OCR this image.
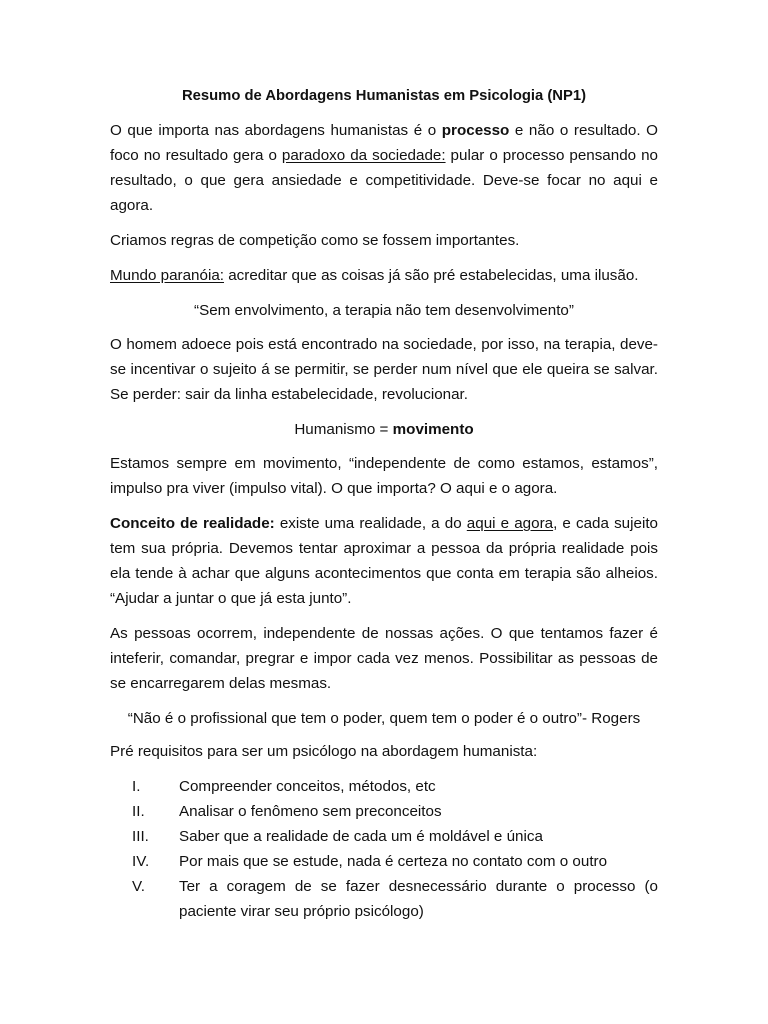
Resumo de Abordagens Humanistas em Psicologia (NP1)

O que importa nas abordagens humanistas é o processo e não o resultado. O foco no resultado gera o paradoxo da sociedade: pular o processo pensando no resultado, o que gera ansiedade e competitividade. Deve-se focar no aqui e agora.

Criamos regras de competição como se fossem importantes.

Mundo paranóia: acreditar que as coisas já são pré estabelecidas, uma ilusão.

“Sem envolvimento, a terapia não tem desenvolvimento”

O homem adoece pois está encontrado na sociedade, por isso, na terapia, deve-se incentivar o sujeito á se permitir, se perder num nível que ele queira se salvar. Se perder: sair da linha estabelecidade, revolucionar.

Humanismo = movimento

Estamos sempre em movimento, “independente de como estamos, estamos”, impulso pra viver (impulso vital). O que importa? O aqui e o agora.

Conceito de realidade: existe uma realidade, a do aqui e agora, e cada sujeito tem sua própria. Devemos tentar aproximar a pessoa da própria realidade pois ela tende à achar que alguns acontecimentos que conta em terapia são alheios. “Ajudar a juntar o que já esta junto”.

As pessoas ocorrem, independente de nossas ações. O que tentamos fazer é inteferir, comandar, pregrar e impor cada vez menos. Possibilitar as pessoas de se encarregarem delas mesmas.

“Não é o profissional que tem o poder, quem tem o poder é o outro”- Rogers

Pré requisitos para ser um psicólogo na abordagem humanista:

I.	Compreender conceitos, métodos, etc
II.	Analisar o fenômeno sem preconceitos
III.	Saber que a realidade de cada um é moldável e única
IV.	Por mais que se estude, nada é certeza no contato com o outro
V.	Ter a coragem de se fazer desnecessário durante o processo (o paciente virar seu próprio psicólogo)
